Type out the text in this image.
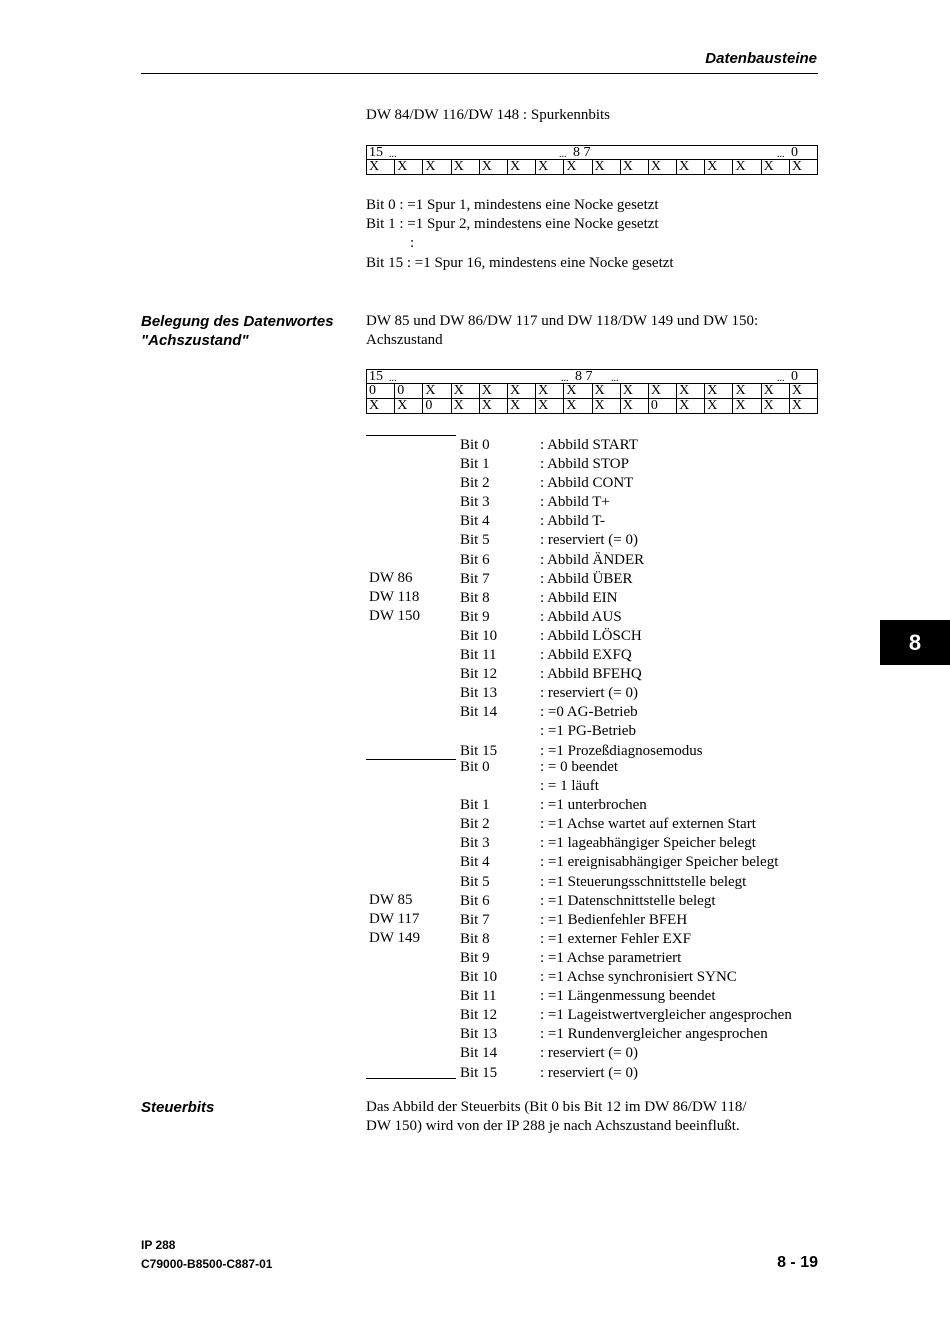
Datenbausteine
DW 84/DW 116/DW 148 : Spurkennbits
15 ...	... 8 7	... 0
X	X	X	X	X	X	X	X	X	X	X	X	X	X	X	X
Bit 0 : =1 Spur 1, mindestens eine Nocke gesetzt
Bit 1 : =1 Spur 2, mindestens eine Nocke gesetzt
:
Bit 15 : =1 Spur 16, mindestens eine Nocke gesetzt
Belegung des Datenwortes
"Achszustand"
DW 85 und DW 86/DW 117 und DW 118/DW 149 und DW 150:
Achszustand
15 ...	... 8 7 ...	... 0
0	0	X	X	X	X	X	X	X	X	X	X	X	X	X	X
X	X	0	X	X	X	X	X	X	X	0	X	X	X	X	X
DW 86
DW 118
DW 150
Bit 0	: Abbild START
Bit 1	: Abbild STOP
Bit 2	: Abbild CONT
Bit 3	: Abbild T+
Bit 4	: Abbild T-
Bit 5	: reserviert (= 0)
Bit 6	: Abbild ÄNDER
Bit 7	: Abbild ÜBER
Bit 8	: Abbild EIN
Bit 9	: Abbild AUS
Bit 10	: Abbild LÖSCH
Bit 11	: Abbild EXFQ
Bit 12	: Abbild BFEHQ
Bit 13	: reserviert (= 0)
Bit 14	: =0 AG-Betrieb
: =1 PG-Betrieb
Bit 15	: =1 Prozeßdiagnosemodus
DW 85
DW 117
DW 149
Bit 0	: = 0 beendet
: = 1 läuft
Bit 1	: =1 unterbrochen
Bit 2	: =1 Achse wartet auf externen Start
Bit 3	: =1 lageabhängiger Speicher belegt
Bit 4	: =1 ereignisabhängiger Speicher belegt
Bit 5	: =1 Steuerungsschnittstelle belegt
Bit 6	: =1 Datenschnittstelle belegt
Bit 7	: =1 Bedienfehler BFEH
Bit 8	: =1 externer Fehler EXF
Bit 9	: =1 Achse parametriert
Bit 10	: =1 Achse synchronisiert SYNC
Bit 11	: =1 Längenmessung beendet
Bit 12	: =1 Lageistwertvergleicher angesprochen
Bit 13	: =1 Rundenvergleicher angesprochen
Bit 14	: reserviert (= 0)
Bit 15	: reserviert (= 0)
Steuerbits	Das Abbild der Steuerbits (Bit 0 bis Bit 12 im DW 86/DW 118/
DW 150) wird von der IP 288 je nach Achszustand beeinflußt.
8
IP 288
C79000-B8500-C887-01	8 - 19
